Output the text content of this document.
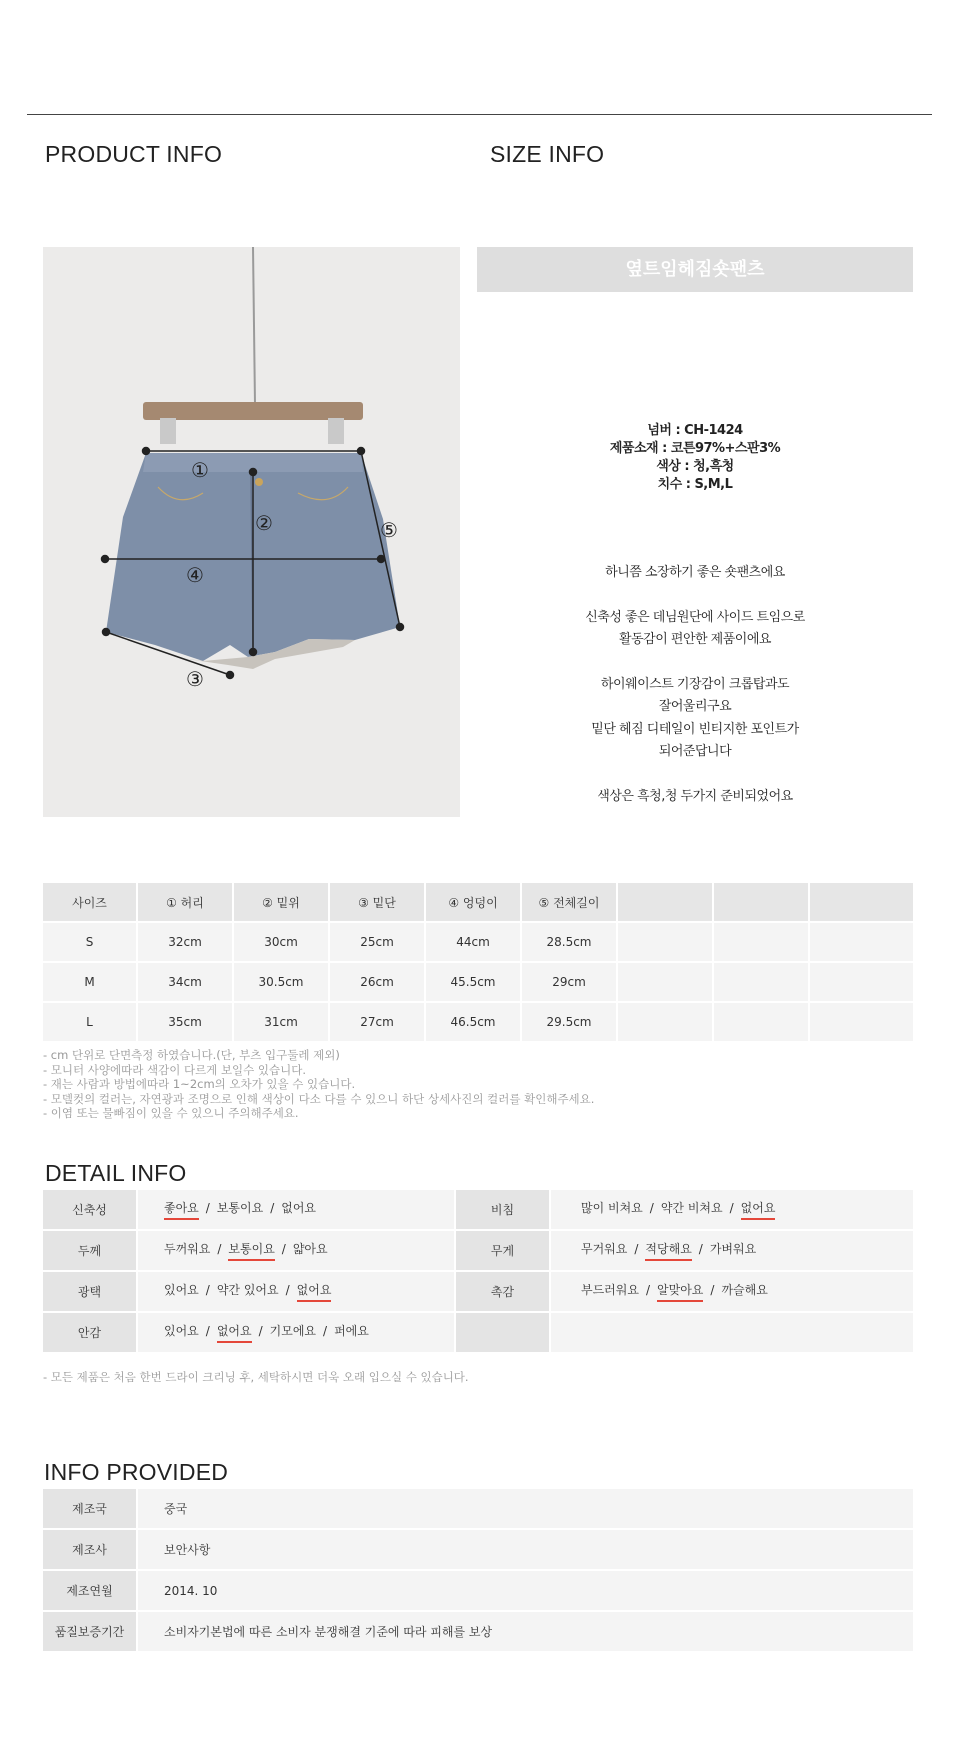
PRODUCT INFO	SIZE INFO
①
②
④
⑤
③
옆트임헤짐숏팬츠
넘버 : CH-1424
제품소재 : 코튼97%+스판3%
색상 : 청,흑청
치수 : S,M,L
하니쯤 소장하기 좋은 숏팬츠에요
신축성 좋은 데님원단에 사이드 트임으로
활동감이 편안한 제품이에요
하이웨이스트 기장감이 크롭탑과도
잘어울리구요
밑단 헤짐 디테일이 빈티지한 포인트가
되어준답니다
색상은 흑청,청 두가지 준비되었어요
사이즈	① 허리	② 밑위	③ 밑단	④ 엉덩이	⑤ 전체길이			
S	32cm	30cm	25cm	44cm	28.5cm			
M	34cm	30.5cm	26cm	45.5cm	29cm			
L	35cm	31cm	27cm	46.5cm	29.5cm			
- cm 단위로 단면측정 하였습니다.(단, 부츠 입구둘레 제외)
- 모니터 사양에따라 색감이 다르게 보일수 있습니다.
- 재는 사람과 방법에따라 1~2cm의 오차가 있을 수 있습니다.
- 모델컷의 컬러는, 자연광과 조명으로 인해 색상이 다소 다를 수 있으니 하단 상세사진의 컬러를 확인해주세요.
- 이염 또는 물빠짐이 있을 수 있으니 주의해주세요.
DETAIL INFO
신축성	좋아요 / 보통이요 / 없어요	비침	많이 비쳐요 / 약간 비쳐요 / 없어요
두께	두꺼워요 / 보통이요 / 얇아요	무게	무거워요 / 적당해요 / 가벼워요
광택	있어요 / 약간 있어요 / 없어요	촉감	부드러워요 / 알맞아요 / 까슬해요
안감	있어요 / 없어요 / 기모에요 / 퍼에요		
- 모든 제품은 처음 한번 드라이 크리닝 후, 세탁하시면 더욱 오래 입으실 수 있습니다.
INFO PROVIDED
제조국	중국
제조사	보안사항
제조연월	2014. 10
품질보증기간	소비자기본법에 따른 소비자 분쟁해결 기준에 따라 피해를 보상
